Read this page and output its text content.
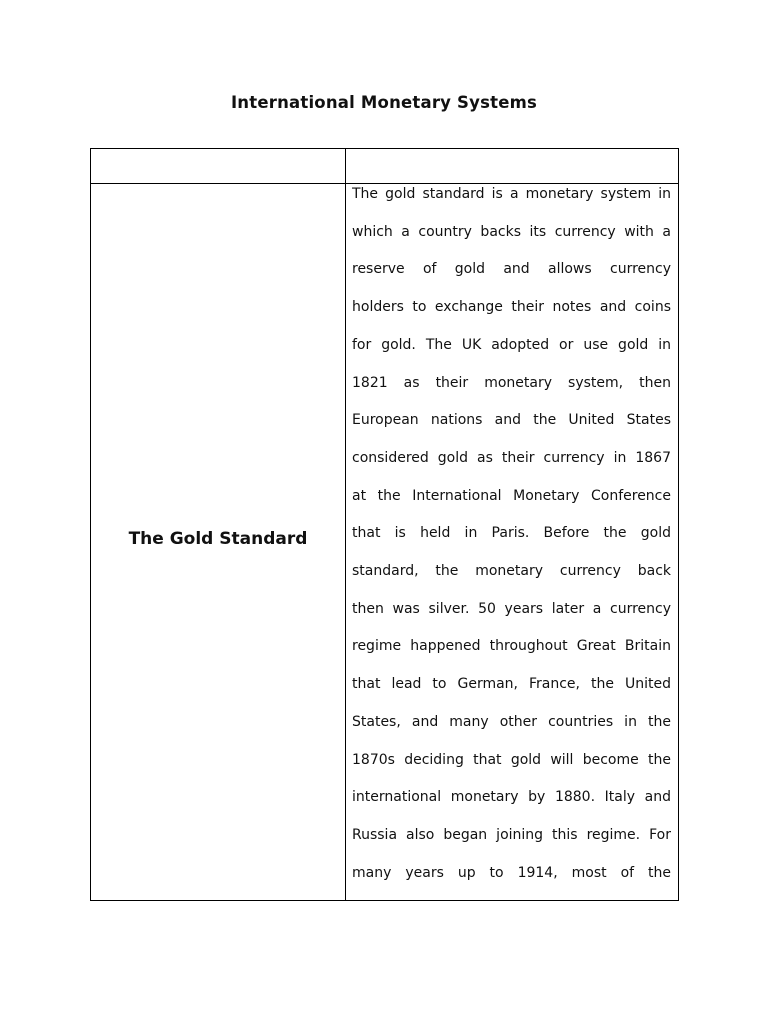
International Monetary Systems
The Gold Standard
The gold standard is a monetary system in
which a country backs its currency with a
reserve of gold and allows currency
holders to exchange their notes and coins
for gold. The UK adopted or use gold in
1821 as their monetary system, then
European nations and the United States
considered gold as their currency in 1867
at the International Monetary Conference
that is held in Paris. Before the gold
standard, the monetary currency back
then was silver. 50 years later a currency
regime happened throughout Great Britain
that lead to German, France, the United
States, and many other countries in the
1870s deciding that gold will become the
international monetary by 1880. Italy and
Russia also began joining this regime. For
many years up to 1914, most of the
